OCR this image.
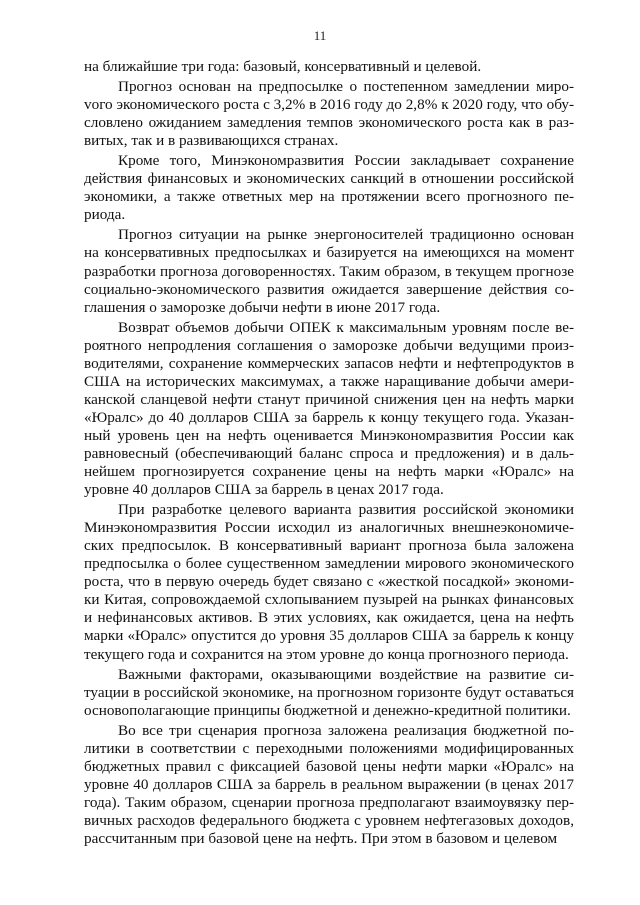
11

на ближайшие три года: базовый, консервативный и целевой.

Прогноз основан на предпосылке о постепенном замедлении мироvого экономического роста с 3,2% в 2016 году до 2,8% к 2020 году, что обусловлено ожиданием замедления темпов экономического роста как в развитых, так и в развивающихся странах.

Кроме того, Минэкономразвития России закладывает сохранение действия финансовых и экономических санкций в отношении российской экономики, а также ответных мер на протяжении всего прогнозного периода.

Прогноз ситуации на рынке энергоносителей традиционно основан на консервативных предпосылках и базируется на имеющихся на момент разработки прогноза договоренностях. Таким образом, в текущем прогнозе социально-экономического развития ожидается завершение действия соглашения о заморозке добычи нефти в июне 2017 года.

Возврат объемов добычи ОПЕК к максимальным уровням после вероятного непродления соглашения о заморозке добычи ведущими производителями, сохранение коммерческих запасов нефти и нефтепродуктов в США на исторических максимумах, а также наращивание добычи американской сланцевой нефти станут причиной снижения цен на нефть марки «Юралс» до 40 долларов США за баррель к концу текущего года. Указанный уровень цен на нефть оценивается Минэкономразвития России как равновесный (обеспечивающий баланс спроса и предложения) и в дальнейшем прогнозируется сохранение цены на нефть марки «Юралс» на уровне 40 долларов США за баррель в ценах 2017 года.

При разработке целевого варианта развития российской экономики Минэкономразвития России исходил из аналогичных внешнеэкономических предпосылок. В консервативный вариант прогноза была заложена предпосылка о более существенном замедлении мирового экономического роста, что в первую очередь будет связано с «жесткой посадкой» экономики Китая, сопровождаемой схлопыванием пузырей на рынках финансовых и нефинансовых активов. В этих условиях, как ожидается, цена на нефть марки «Юралс» опустится до уровня 35 долларов США за баррель к концу текущего года и сохранится на этом уровне до конца прогнозного периода.

Важными факторами, оказывающими воздействие на развитие ситуации в российской экономике, на прогнозном горизонте будут оставаться основополагающие принципы бюджетной и денежно-кредитной политики.

Во все три сценария прогноза заложена реализация бюджетной политики в соответствии с переходными положениями модифицированных бюджетных правил с фиксацией базовой цены нефти марки «Юралс» на уровне 40 долларов США за баррель в реальном выражении (в ценах 2017 года). Таким образом, сценарии прогноза предполагают взаимоувязку первичных расходов федерального бюджета с уровнем нефтегазовых доходов, рассчитанным при базовой цене на нефть. При этом в базовом и целевом
